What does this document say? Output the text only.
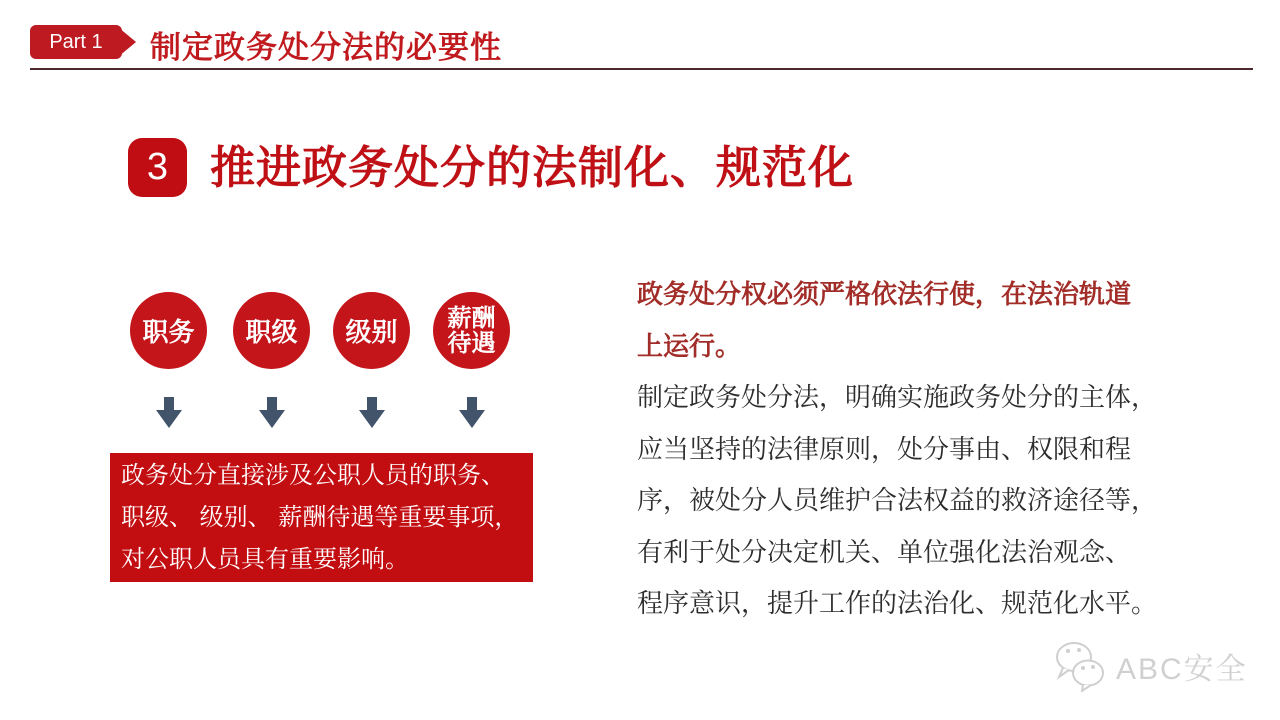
Part 1 制定政务处分法的必要性
3 推进政务处分的法制化、规范化
职务 职级 级别 薪酬
待遇
政务处分直接涉及公职人员的职务、
职级、 级别、 薪酬待遇等重要事项，
对公职人员具有重要影响。
政务处分权必须严格依法行使，在法治轨道
上运行。
制定政务处分法，明确实施政务处分的主体，
应当坚持的法律原则，处分事由、权限和程
序，被处分人员维护合法权益的救济途径等，
有利于处分决定机关、单位强化法治观念、
程序意识，提升工作的法治化、规范化水平。
ABC安全
